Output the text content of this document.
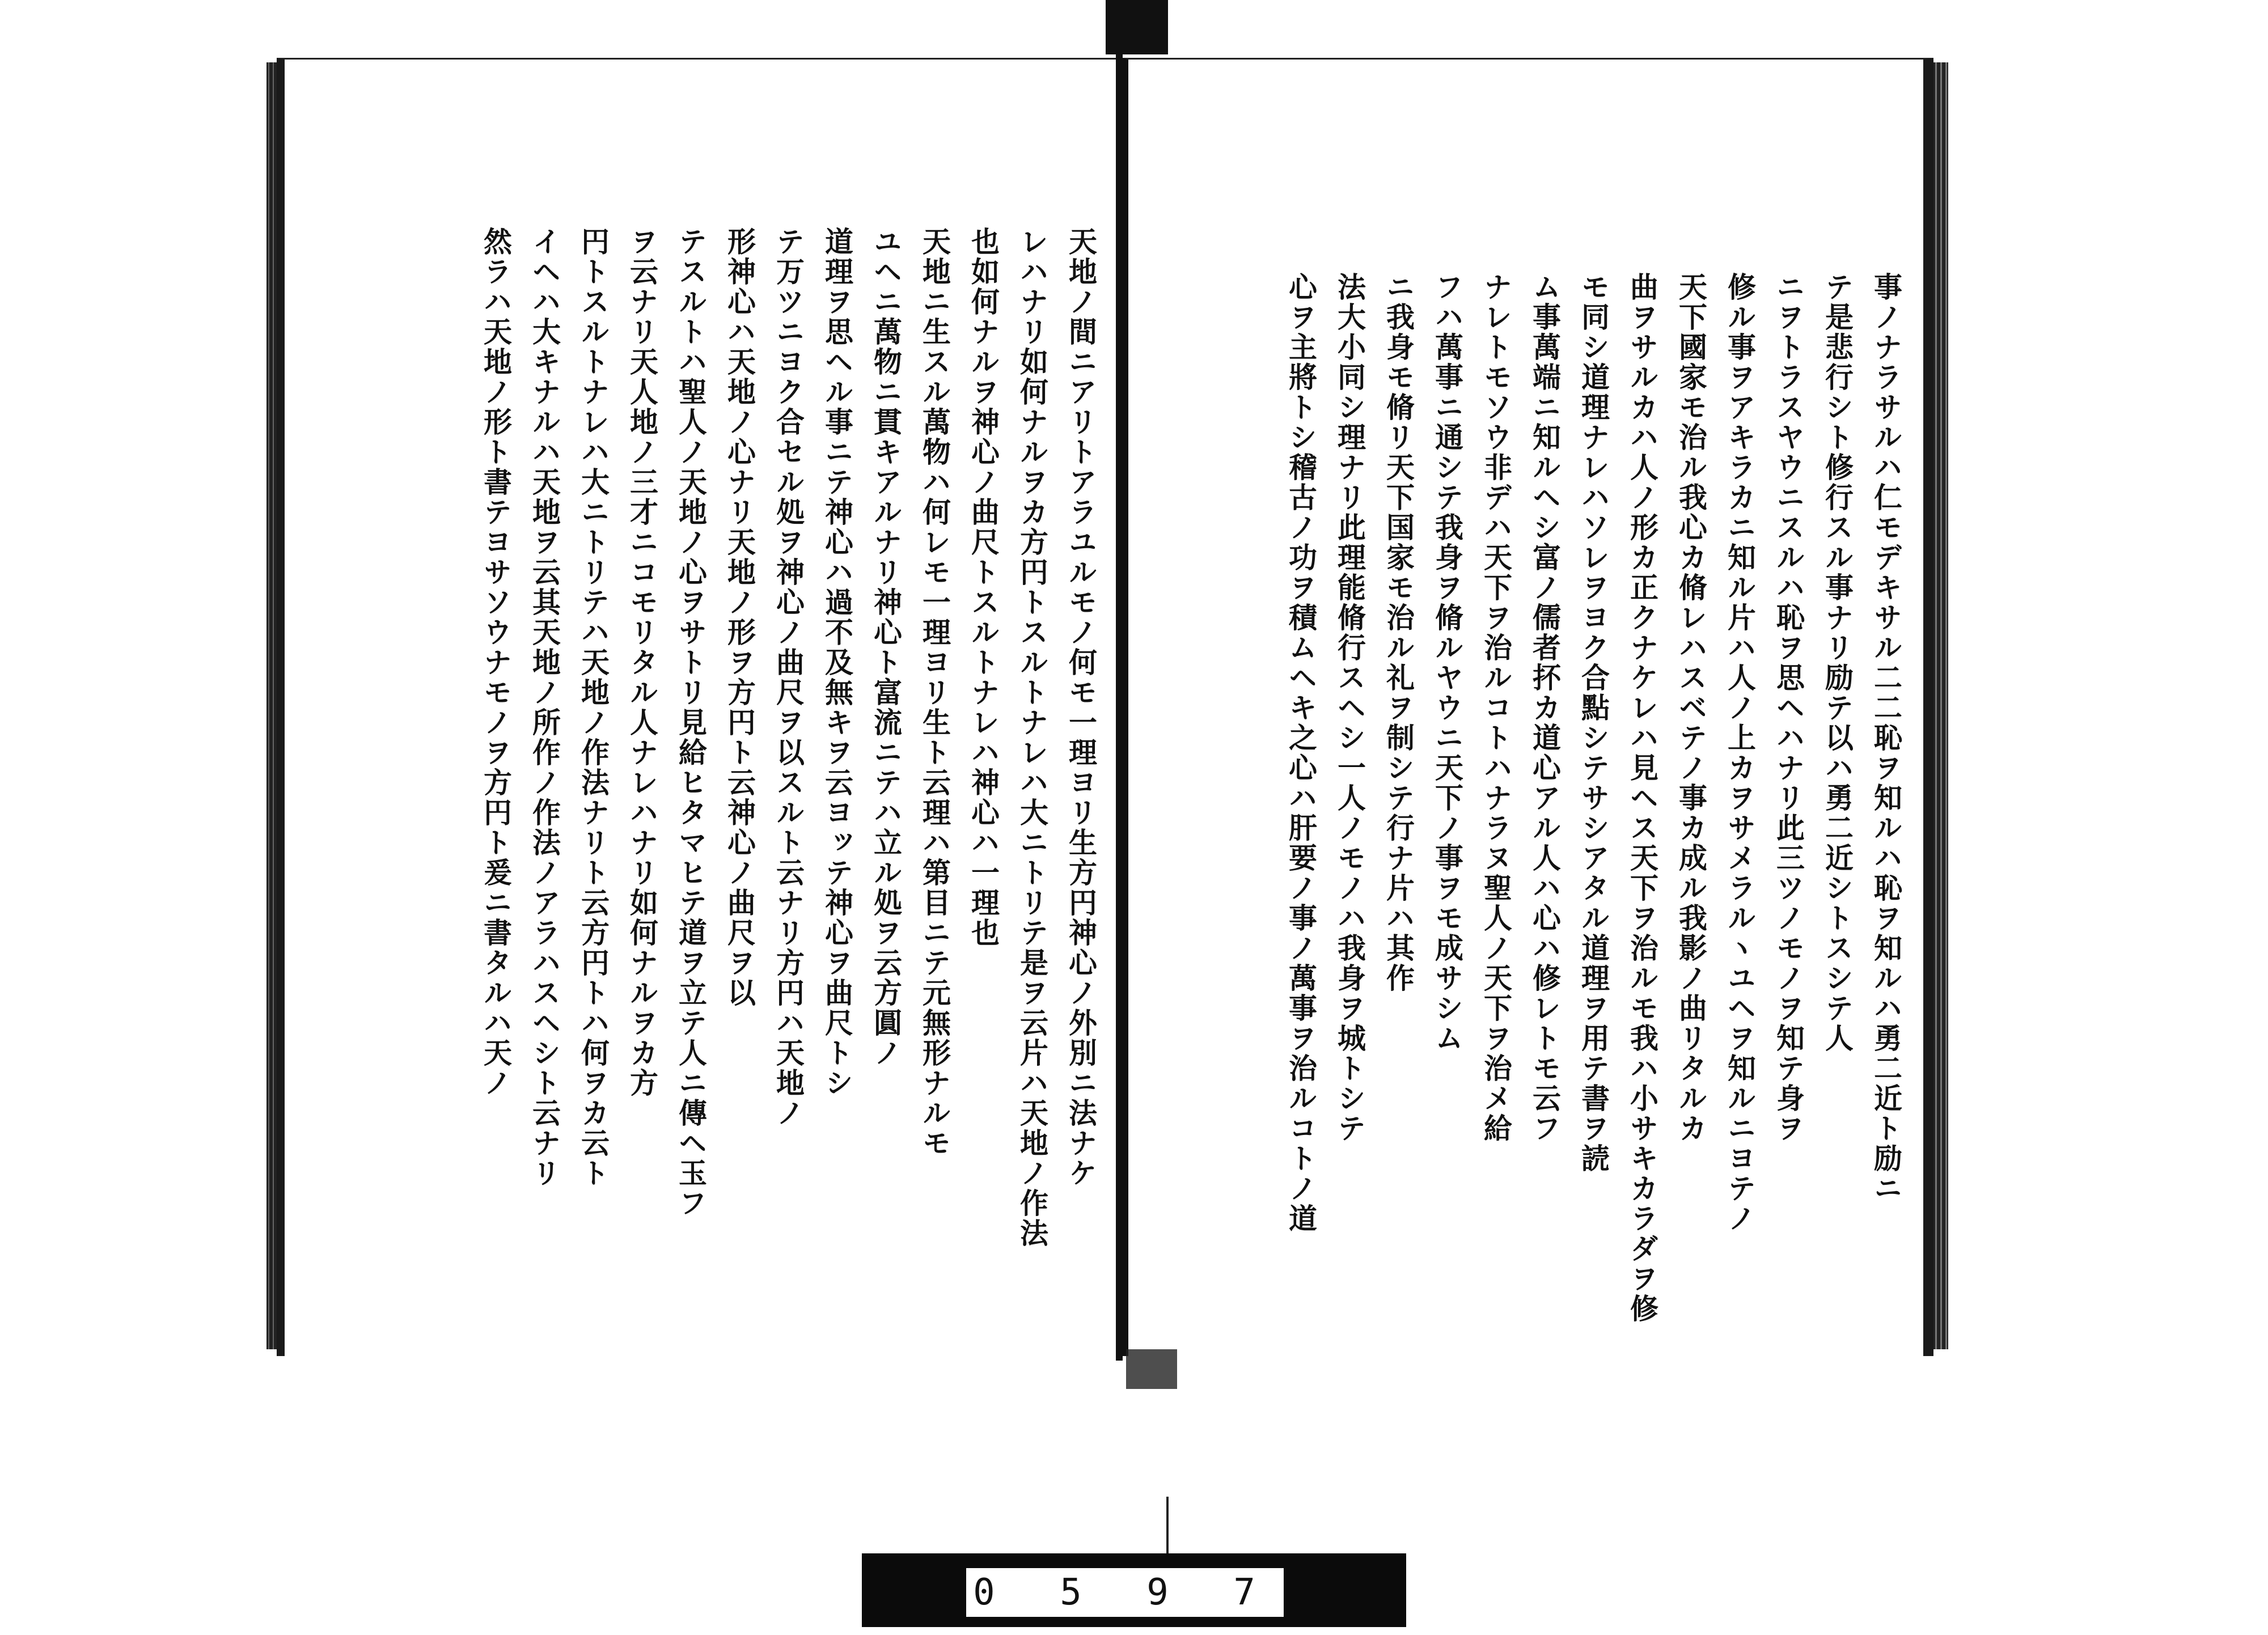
事ノナラサルハ仁モデキサル二二恥ヲ知ルハ恥ヲ知ルハ勇二近ト励ニ
テ是悲行シト修行スル事ナリ励テ以ハ勇二近シトスシテ人
ニヲトラスヤウニスルハ恥ヲ思ヘハナリ此三ツノモノヲ知テ身ヲ
修ル事ヲアキラカニ知ル片ハ人ノ上カヲサメラルヽユヘヲ知ルニヨテノ
天下國家モ治ル我心カ脩レハスベテノ事カ成ル我影ノ曲リタルカ
曲ヲサルカハ人ノ形カ正クナケレハ見ヘス天下ヲ治ルモ我ハ小サキカラダヲ修
モ同シ道理ナレハソレヲヨク合點シテサシアタル道理ヲ用テ書ヲ読
ム事萬端ニ知ルヘシ富ノ儒者抔カ道心アル人ハ心ハ修レトモ云フ
ナレトモソウ非デハ天下ヲ治ルコトハナラヌ聖人ノ天下ヲ治メ給
フハ萬事ニ通シテ我身ヲ脩ルヤウニ天下ノ事ヲモ成サシム
ニ我身モ脩リ天下国家モ治ル礼ヲ制シテ行ナ片ハ其作
法大小同シ理ナリ此理能脩行スヘシ一人ノモノハ我身ヲ城トシテ
心ヲ主將トシ稽古ノ功ヲ積ムヘキ之心ハ肝要ノ事ノ萬事ヲ治ルコトノ道
天地ノ間ニアリトアラユルモノ何モ一理ヨリ生方円神心ノ外別ニ法ナケ
レハナリ如何ナルヲカ方円トスルトナレハ大ニトリテ是ヲ云片ハ天地ノ作法
也如何ナルヲ神心ノ曲尺トスルトナレハ神心ハ一理也
天地ニ生スル萬物ハ何レモ一理ヨリ生ト云理ハ第目ニテ元無形ナルモ
ユヘニ萬物ニ貫キアルナリ神心ト富流ニテハ立ル処ヲ云方圓ノ
道理ヲ思ヘル事ニテ神心ハ過不及無キヲ云ヨッテ神心ヲ曲尺トシ
テ万ツニヨク合セル処ヲ神心ノ曲尺ヲ以スルト云ナリ方円ハ天地ノ
形神心ハ天地ノ心ナリ天地ノ形ヲ方円ト云神心ノ曲尺ヲ以
テスルトハ聖人ノ天地ノ心ヲサトリ見給ヒタマヒテ道ヲ立テ人ニ傳ヘ玉フ
ヲ云ナリ天人地ノ三才ニコモリタル人ナレハナリ如何ナルヲカ方
円トスルトナレハ大ニトリテハ天地ノ作法ナリト云方円トハ何ヲカ云ト
イヘハ大キナルハ天地ヲ云其天地ノ所作ノ作法ノアラハスヘシト云ナリ
然ラハ天地ノ形ト書テヨサソウナモノヲ方円ト爰ニ書タルハ天ノ
0 5 9 7
